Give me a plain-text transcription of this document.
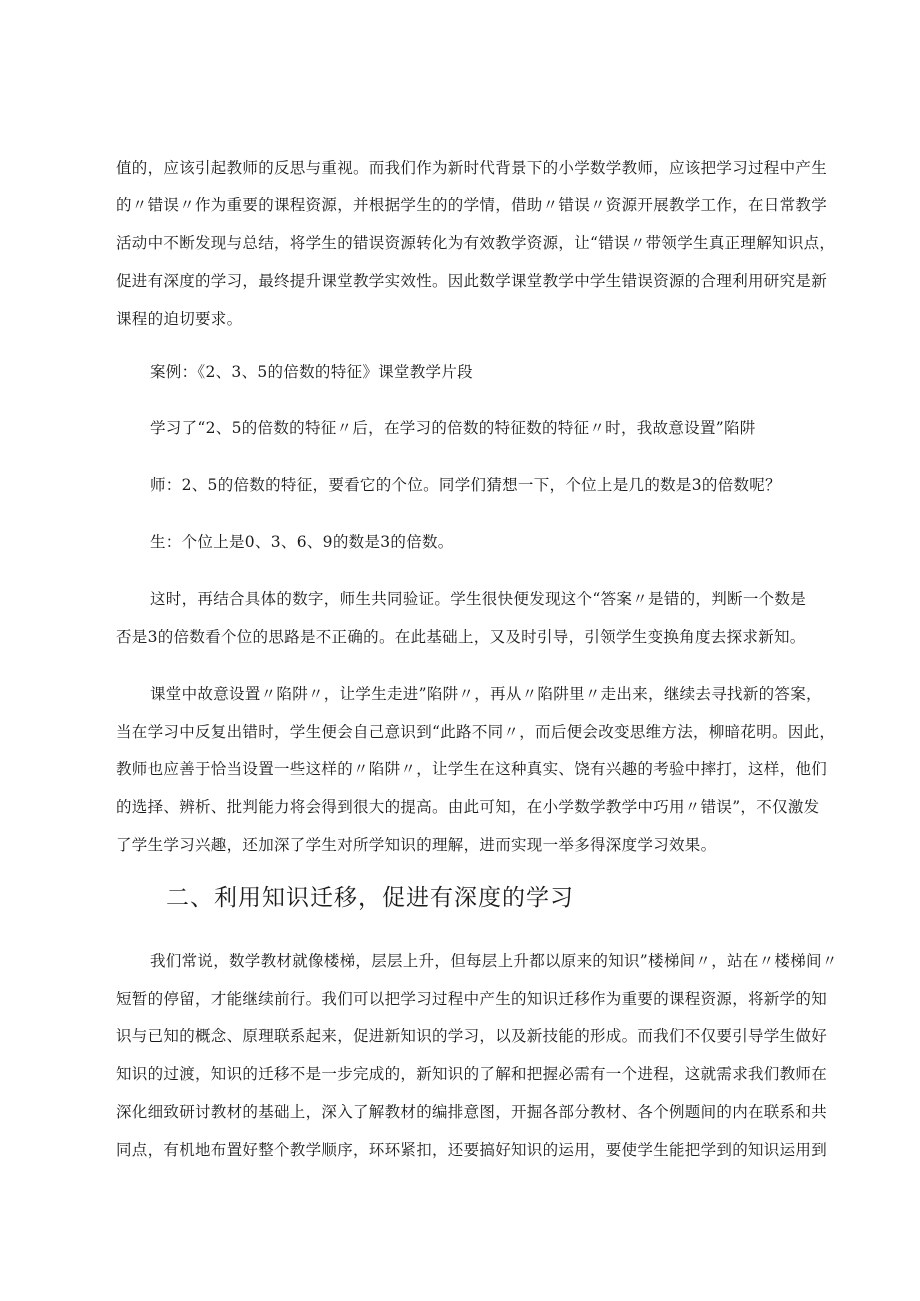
值的，应该引起教师的反思与重视。而我们作为新时代背景下的小学数学教师，应该把学习过程中产生
的〃错误〃作为重要的课程资源，并根据学生的的学情，借助〃错误〃资源开展教学工作，在日常教学
活动中不断发现与总结，将学生的错误资源转化为有效教学资源，让“错误〃带领学生真正理解知识点，
促进有深度的学习，最终提升课堂教学实效性。因此数学课堂教学中学生错误资源的合理利用研究是新
课程的迫切要求。
案例：《2、3、5的倍数的特征》课堂教学片段
学习了“2、5的倍数的特征〃后，在学习的倍数的特征数的特征〃时，我故意设置”陷阱
师：2、5的倍数的特征，要看它的个位。同学们猜想一下，个位上是几的数是3的倍数呢？
生：个位上是0、3、6、9的数是3的倍数。
这时，再结合具体的数字，师生共同验证。学生很快便发现这个“答案〃是错的，判断一个数是
否是3的倍数看个位的思路是不正确的。在此基础上，又及时引导，引领学生变换角度去探求新知。
课堂中故意设置〃陷阱〃，让学生走进”陷阱〃，再从〃陷阱里〃走出来，继续去寻找新的答案，
当在学习中反复出错时，学生便会自己意识到“此路不同〃，而后便会改变思维方法，柳暗花明。因此，
教师也应善于恰当设置一些这样的〃陷阱〃，让学生在这种真实、饶有兴趣的考验中摔打，这样，他们
的选择、辨析、批判能力将会得到很大的提高。由此可知，在小学数学教学中巧用〃错误”，不仅激发
了学生学习兴趣，还加深了学生对所学知识的理解，进而实现一举多得深度学习效果。
二、利用知识迁移，促进有深度的学习
我们常说，数学教材就像楼梯，层层上升，但每层上升都以原来的知识”楼梯间〃，站在〃楼梯间〃
短暂的停留，才能继续前行。我们可以把学习过程中产生的知识迁移作为重要的课程资源，将新学的知
识与已知的概念、原理联系起来，促进新知识的学习，以及新技能的形成。而我们不仅要引导学生做好
知识的过渡，知识的迁移不是一步完成的，新知识的了解和把握必需有一个进程，这就需求我们教师在
深化细致研讨教材的基础上，深入了解教材的编排意图，开掘各部分教材、各个例题间的内在联系和共
同点，有机地布置好整个教学顺序，环环紧扣，还要搞好知识的运用，要使学生能把学到的知识运用到
